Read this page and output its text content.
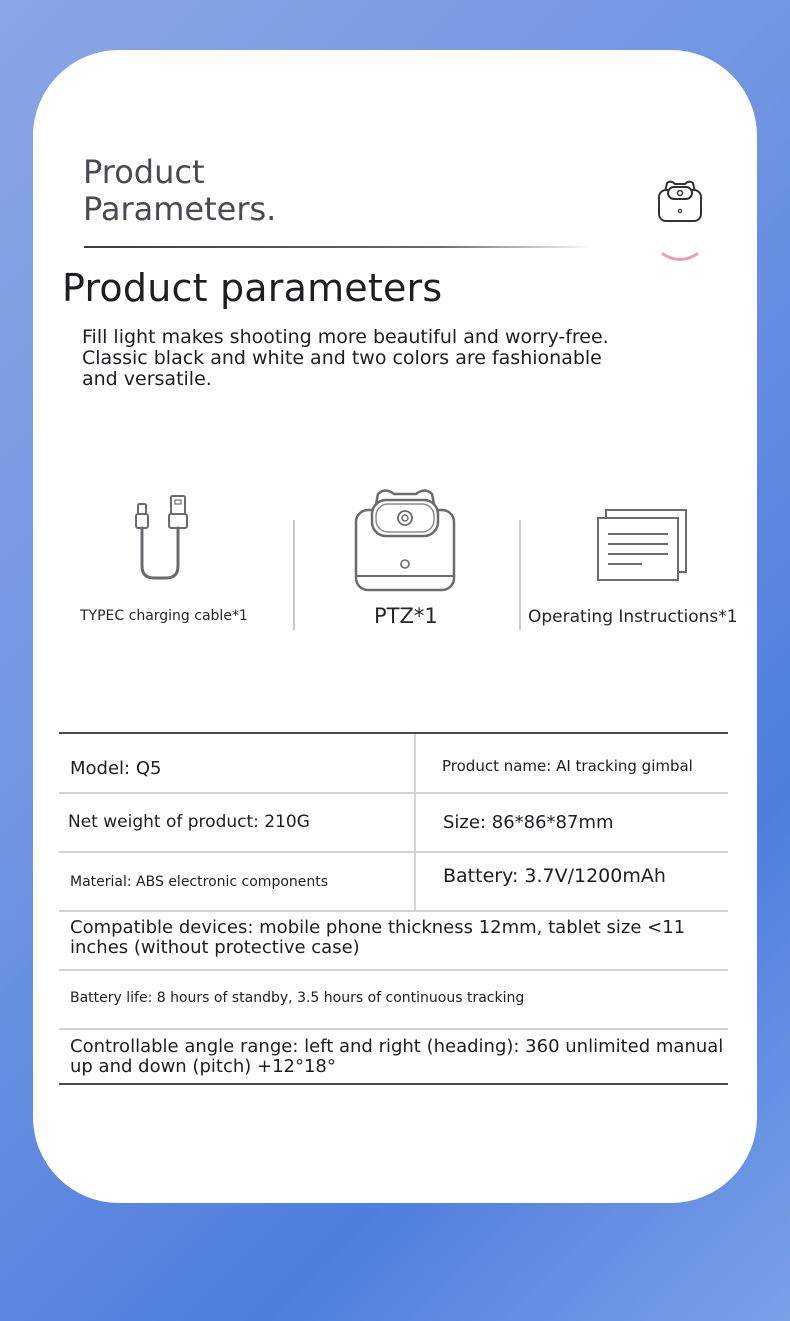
Product
Parameters.
Product parameters
Fill light makes shooting more beautiful and worry-free.
Classic black and white and two colors are fashionable
and versatile.
TYPEC charging cable*1	PTZ*1	Operating Instructions*1
Model: Q5	Product name: AI tracking gimbal
Net weight of product: 210G	Size: 86*86*87mm
Material: ABS electronic components	Battery: 3.7V/1200mAh
Compatible devices: mobile phone thickness 12mm, tablet size <11
inches (without protective case)
Battery life: 8 hours of standby, 3.5 hours of continuous tracking
Controllable angle range: left and right (heading): 360 unlimited manual
up and down (pitch) +12°18°
